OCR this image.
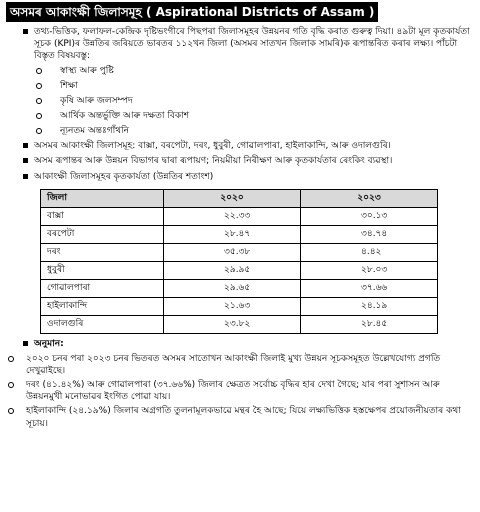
অসমৰ আকাংক্ষী জিলাসমূহ ( Aspirational Districts of Assam )
তথ্য-ভিত্তিক, ফলাফল-কেন্দ্ৰিক দৃষ্টিভংগীৰে পিছপৰা জিলাসমূহৰ উন্নয়নৰ গতি বৃদ্ধি কৰাত গুৰুত্ব দিয়া। ৪৯টা মূল কৃতকাৰ্যতা সূচক (KPI)ৰ উন্নতিৰ জৰিয়তে ভাৰতৰ ১১২খন জিলা (অসমৰ সাতখন জিলাক সামৰি)ক ৰূপান্তৰিত কৰাৰ লক্ষ্য। পাঁচটা বিস্তৃত বিষয়বস্তু:
স্বাস্থ্য আৰু পুষ্টি
শিক্ষা
কৃষি আৰু জলসম্পদ
আৰ্থিক অন্তৰ্ভুক্তি আৰু দক্ষতা বিকাশ
ন্যূনতম অন্তঃগাঁথনি
অসমৰ আকাংক্ষী জিলাসমূহ: বাক্সা, বৰপেটা, দৰং, ধুবুৰী, গোৱালপাৰা, হাইলাকান্দি, আৰু ওদালগুৰি।
অসম ৰূপান্তৰ আৰু উন্নয়ন বিভাগৰ দ্বাৰা ৰূপায়ণ; নিয়মীয়া নিৰীক্ষণ আৰু কৃতকাৰ্যতাৰ ৰেংকিং ব্যৱস্থা।
আকাংক্ষী জিলাসমূহৰ কৃতকাৰ্যতা (উন্নতিৰ শতাংশ)
জিলা	২০২০	২০২৩
বাক্সা	২২.৩৩	৩০.১৩
বৰপেটা	২৮.৪৭	৩৪.৭৪
দৰং	৩৫.৩৮	৪.৪২
ধুবুৰী	২৯.৯৫	২৮.০৩
গোৱালপাৰা	২৯.৬৫	৩৭.৬৬
হাইলাকান্দি	২১.৬৩	২৪.১৯
ওদালগুৰি	২৩.৮২	২৮.৪৫
অনুমান:
২০২০ চনৰ পৰা ২০২৩ চনৰ ভিতৰত অসমৰ সাতোখন আকাংক্ষী জিলাই মুখ্য উন্নয়ন সূচকসমূহত উল্লেখযোগ্য প্ৰগতি দেখুৱাইছে।
দৰং (৪১.৪২%) আৰু গোৱালপাৰা (৩৭.৬৬%) জিলাৰ ক্ষেত্ৰত সৰ্বোচ্চ বৃদ্ধিৰ হাৰ দেখা গৈছে; যাৰ পৰা সুশাসন আৰু উন্নয়নমুখী মনোভাৱৰ ইংগিত পোৱা যায়।
হাইলাকান্দি (২৪.১৯%) জিলাৰ অগ্ৰগতি তুলনামূলকভাৱে মন্থৰ হৈ আছে; যিয়ে লক্ষ্যভিত্তিক হস্তক্ষেপৰ প্ৰয়োজনীয়তাৰ কথা সূচায়।
